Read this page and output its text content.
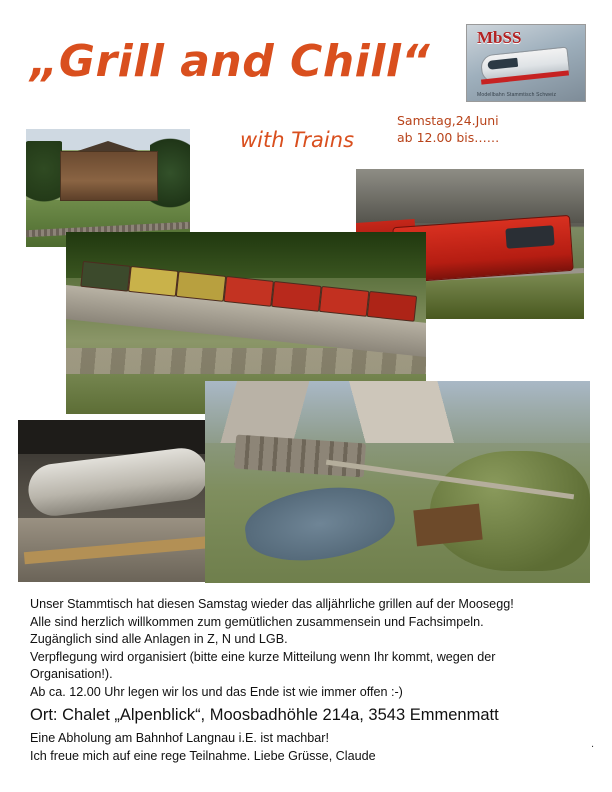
„Grill and Chill“
with Trains
MbSS
Modellbahn Stammtisch Schweiz
Samstag,24.Juni
ab 12.00 bis……

Unser Stammtisch hat diesen Samstag wieder das alljährliche grillen auf der Moosegg!

Alle sind herzlich willkommen zum gemütlichen zusammensein und Fachsimpeln.

Zugänglich sind alle Anlagen in Z, N und LGB.

Verpflegung wird organisiert (bitte eine kurze Mitteilung wenn Ihr kommt, wegen der

Organisation!).

Ab ca. 12.00 Uhr legen wir los und das Ende ist wie immer offen :-)

Ort: Chalet „Alpenblick“, Moosbadhöhle 214a, 3543 Emmenmatt

Eine Abholung am Bahnhof Langnau i.E. ist machbar!

Ich freue mich auf eine rege Teilnahme. Liebe Grüsse, Claude

.
